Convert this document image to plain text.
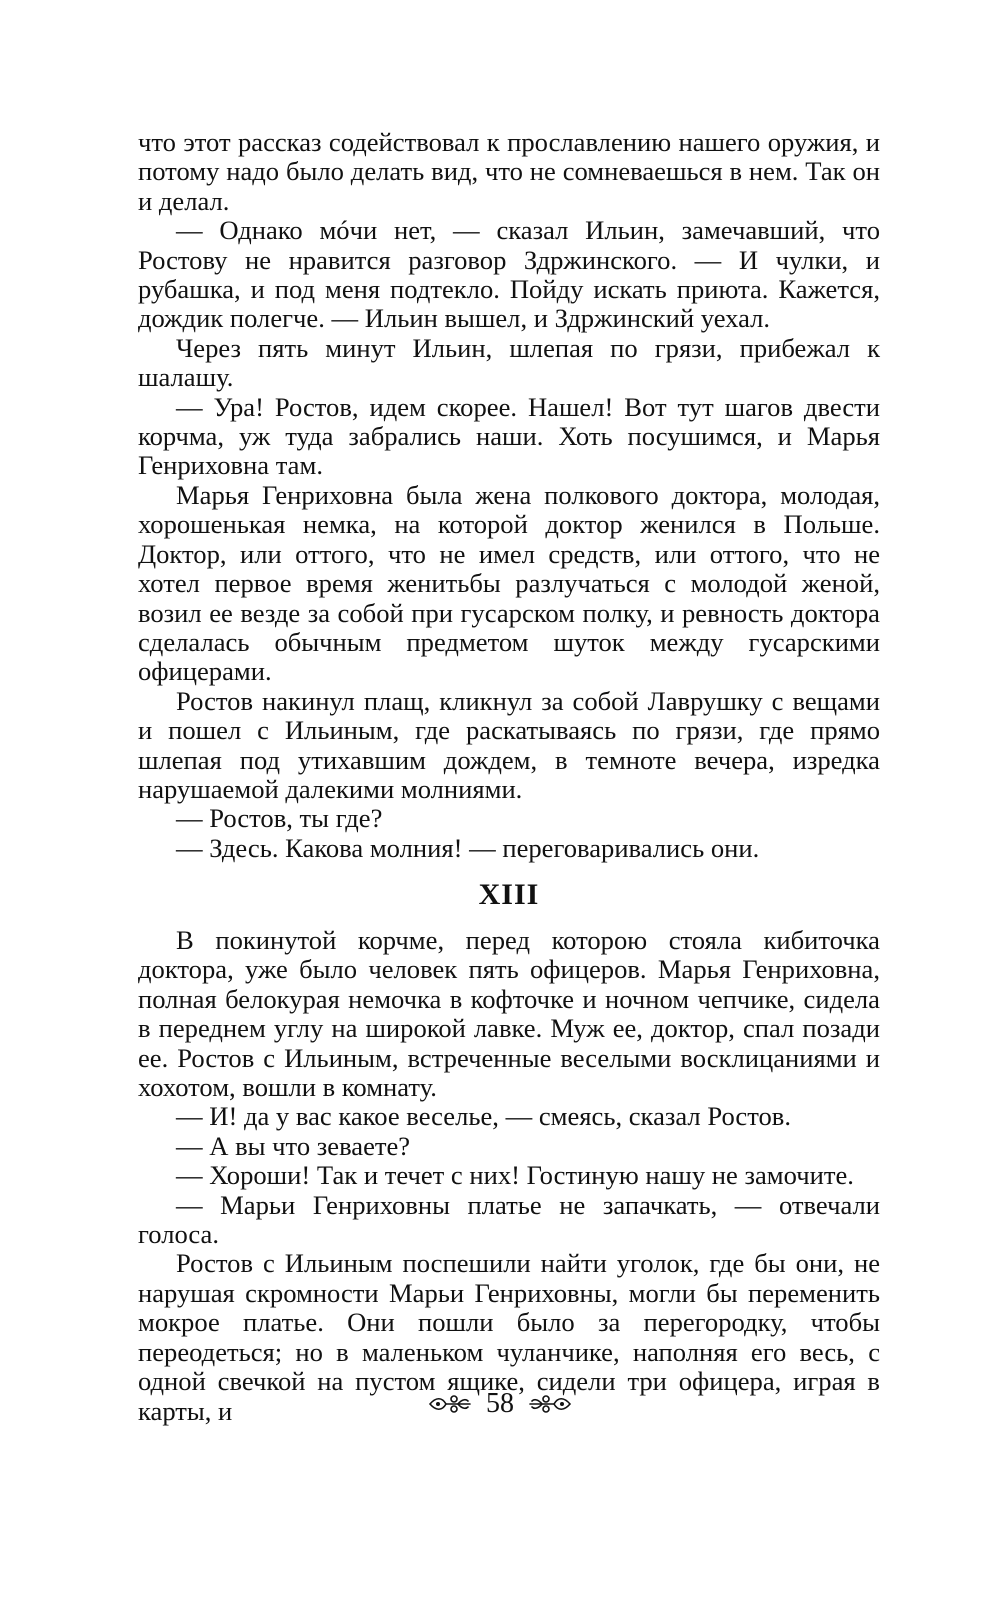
что этот рассказ содействовал к прославлению нашего оружия, и потому надо было делать вид, что не сомневаешься в нем. Так он и делал.

— Однако мóчи нет, — сказал Ильин, замечавший, что Ростову не нравится разговор Здржинского. — И чулки, и рубашка, и под меня подтекло. Пойду искать приюта. Кажется, дождик полегче. — Ильин вышел, и Здржинский уехал.

Через пять минут Ильин, шлепая по грязи, прибежал к шалашу.

— Ура! Ростов, идем скорее. Нашел! Вот тут шагов двести корчма, уж туда забрались наши. Хоть посушимся, и Марья Генриховна там.

Марья Генриховна была жена полкового доктора, молодая, хорошенькая немка, на которой доктор женился в Польше. Доктор, или оттого, что не имел средств, или оттого, что не хотел первое время женитьбы разлучаться с молодой женой, возил ее везде за собой при гусарском полку, и ревность доктора сделалась обычным предметом шуток между гусарскими офицерами.

Ростов накинул плащ, кликнул за собой Лаврушку с вещами и пошел с Ильиным, где раскатываясь по грязи, где прямо шлепая под утихавшим дождем, в темноте вечера, изредка нарушаемой далекими молниями.

— Ростов, ты где?

— Здесь. Какова молния! — переговаривались они.

XIII

В покинутой корчме, перед которою стояла кибиточка доктора, уже было человек пять офицеров. Марья Генриховна, полная белокурая немочка в кофточке и ночном чепчике, сидела в переднем углу на широкой лавке. Муж ее, доктор, спал позади ее. Ростов с Ильиным, встреченные веселыми восклицаниями и хохотом, вошли в комнату.

— И! да у вас какое веселье, — смеясь, сказал Ростов.

— А вы что зеваете?

— Хороши! Так и течет с них! Гостиную нашу не замочите.

— Марьи Генриховны платье не запачкать, — отвечали голоса.

Ростов с Ильиным поспешили найти уголок, где бы они, не нарушая скромности Марьи Генриховны, могли бы переменить мокрое платье. Они пошли было за перегородку, чтобы переодеться; но в маленьком чуланчике, наполняя его весь, с одной свечкой на пустом ящике, сидели три офицера, играя в карты, и	58
